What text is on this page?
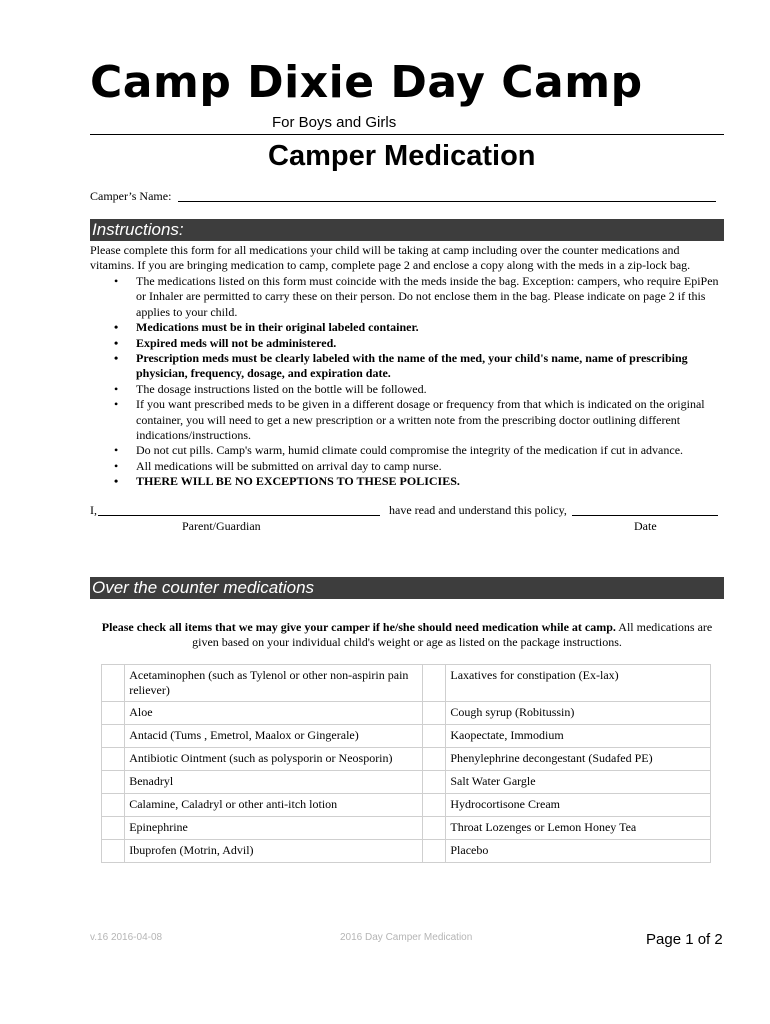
Camp Dixie Day Camp
For Boys and Girls
Camper Medication
Camper’s Name:
Instructions:

Please complete this form for all medications your child will be taking at camp including over the counter medications and vitamins. If you are bringing medication to camp, complete page 2 and enclose a copy along with the meds in a zip-lock bag.

• The medications listed on this form must coincide with the meds inside the bag. Exception: campers, who require EpiPen or Inhaler are permitted to carry these on their person. Do not enclose them in the bag. Please indicate on page 2 if this applies to your child.
• Medications must be in their original labeled container.
• Expired meds will not be administered.
• Prescription meds must be clearly labeled with the name of the med, your child's name, name of prescribing physician, frequency, dosage, and expiration date.
• The dosage instructions listed on the bottle will be followed.
• If you want prescribed meds to be given in a different dosage or frequency from that which is indicated on the original container, you will need to get a new prescription or a written note from the prescribing doctor outlining different indications/instructions.
• Do not cut pills. Camp's warm, humid climate could compromise the integrity of the medication if cut in advance.
• All medications will be submitted on arrival day to camp nurse.
• THERE WILL BE NO EXCEPTIONS TO THESE POLICIES.
I,	have read and understand this policy,
Parent/Guardian	Date
Over the counter medications

Please check all items that we may give your camper if he/she should need medication while at camp. All medications are given based on your individual child's weight or age as listed on the package instructions.

	Acetaminophen (such as Tylenol or other non-aspirin pain reliever)		Laxatives for constipation (Ex-lax)
	Aloe		Cough syrup (Robitussin)
	Antacid (Tums , Emetrol, Maalox or Gingerale)		Kaopectate, Immodium
	Antibiotic Ointment (such as polysporin or Neosporin)		Phenylephrine decongestant (Sudafed PE)
	Benadryl		Salt Water Gargle
	Calamine, Caladryl or other anti-itch lotion		Hydrocortisone Cream
	Epinephrine		Throat Lozenges or Lemon Honey Tea
	Ibuprofen (Motrin, Advil)		Placebo
v.16 2016-04-08	2016 Day Camper Medication	Page 1 of 2
